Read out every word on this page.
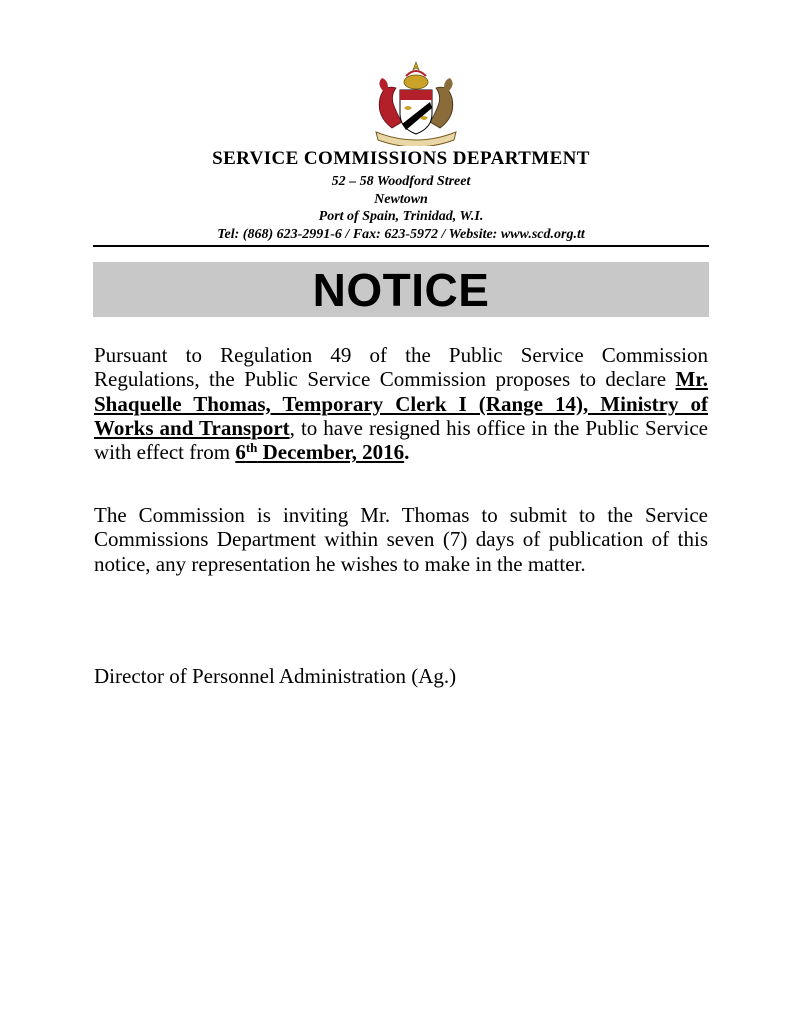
SERVICE COMMISSIONS DEPARTMENT

52 – 58 Woodford Street

Newtown

Port of Spain, Trinidad, W.I.

Tel: (868) 623-2991-6 / Fax: 623-5972 / Website: www.scd.org.tt

NOTICE

Pursuant to Regulation 49 of the Public Service Commission Regulations, the Public Service Commission proposes to declare Mr. Shaquelle Thomas, Temporary Clerk I (Range 14), Ministry of Works and Transport, to have resigned his office in the Public Service with effect from 6th December, 2016.

The Commission is inviting Mr. Thomas to submit to the Service Commissions Department within seven (7) days of publication of this notice, any representation he wishes to make in the matter.

Director of Personnel Administration (Ag.)
